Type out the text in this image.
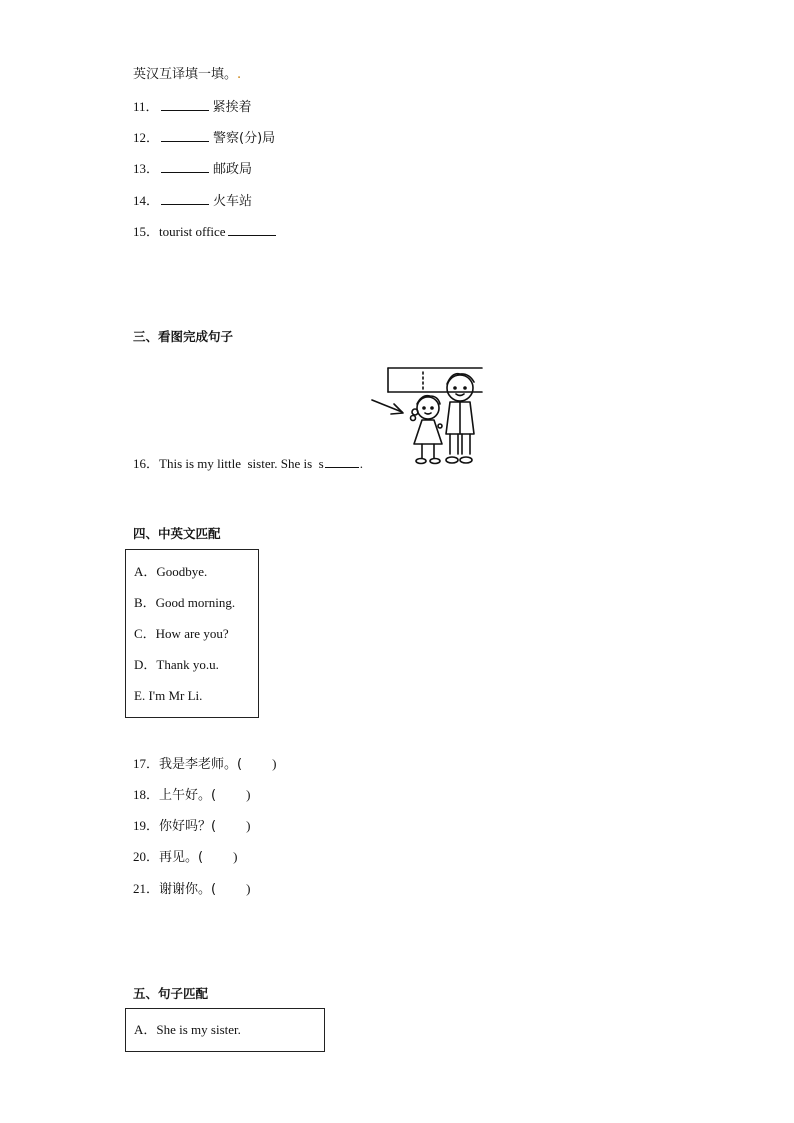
英汉互译填一填。.
11．	紧挨着
12．	警察(分)局
13．	邮政局
14．	火车站
15．tourist office
三、看图完成句子
16．This is my little  sister. She is  s	.
四、中英文匹配
A．Goodbye.
B．Good morning.
C．How are you?
D．Thank yo.u.
E. I'm Mr Li.
17．我是李老师。( )
18．上午好。( )
19．你好吗？( )
20．再见。( )
21．谢谢你。( )
五、句子匹配
A．She is my sister.
